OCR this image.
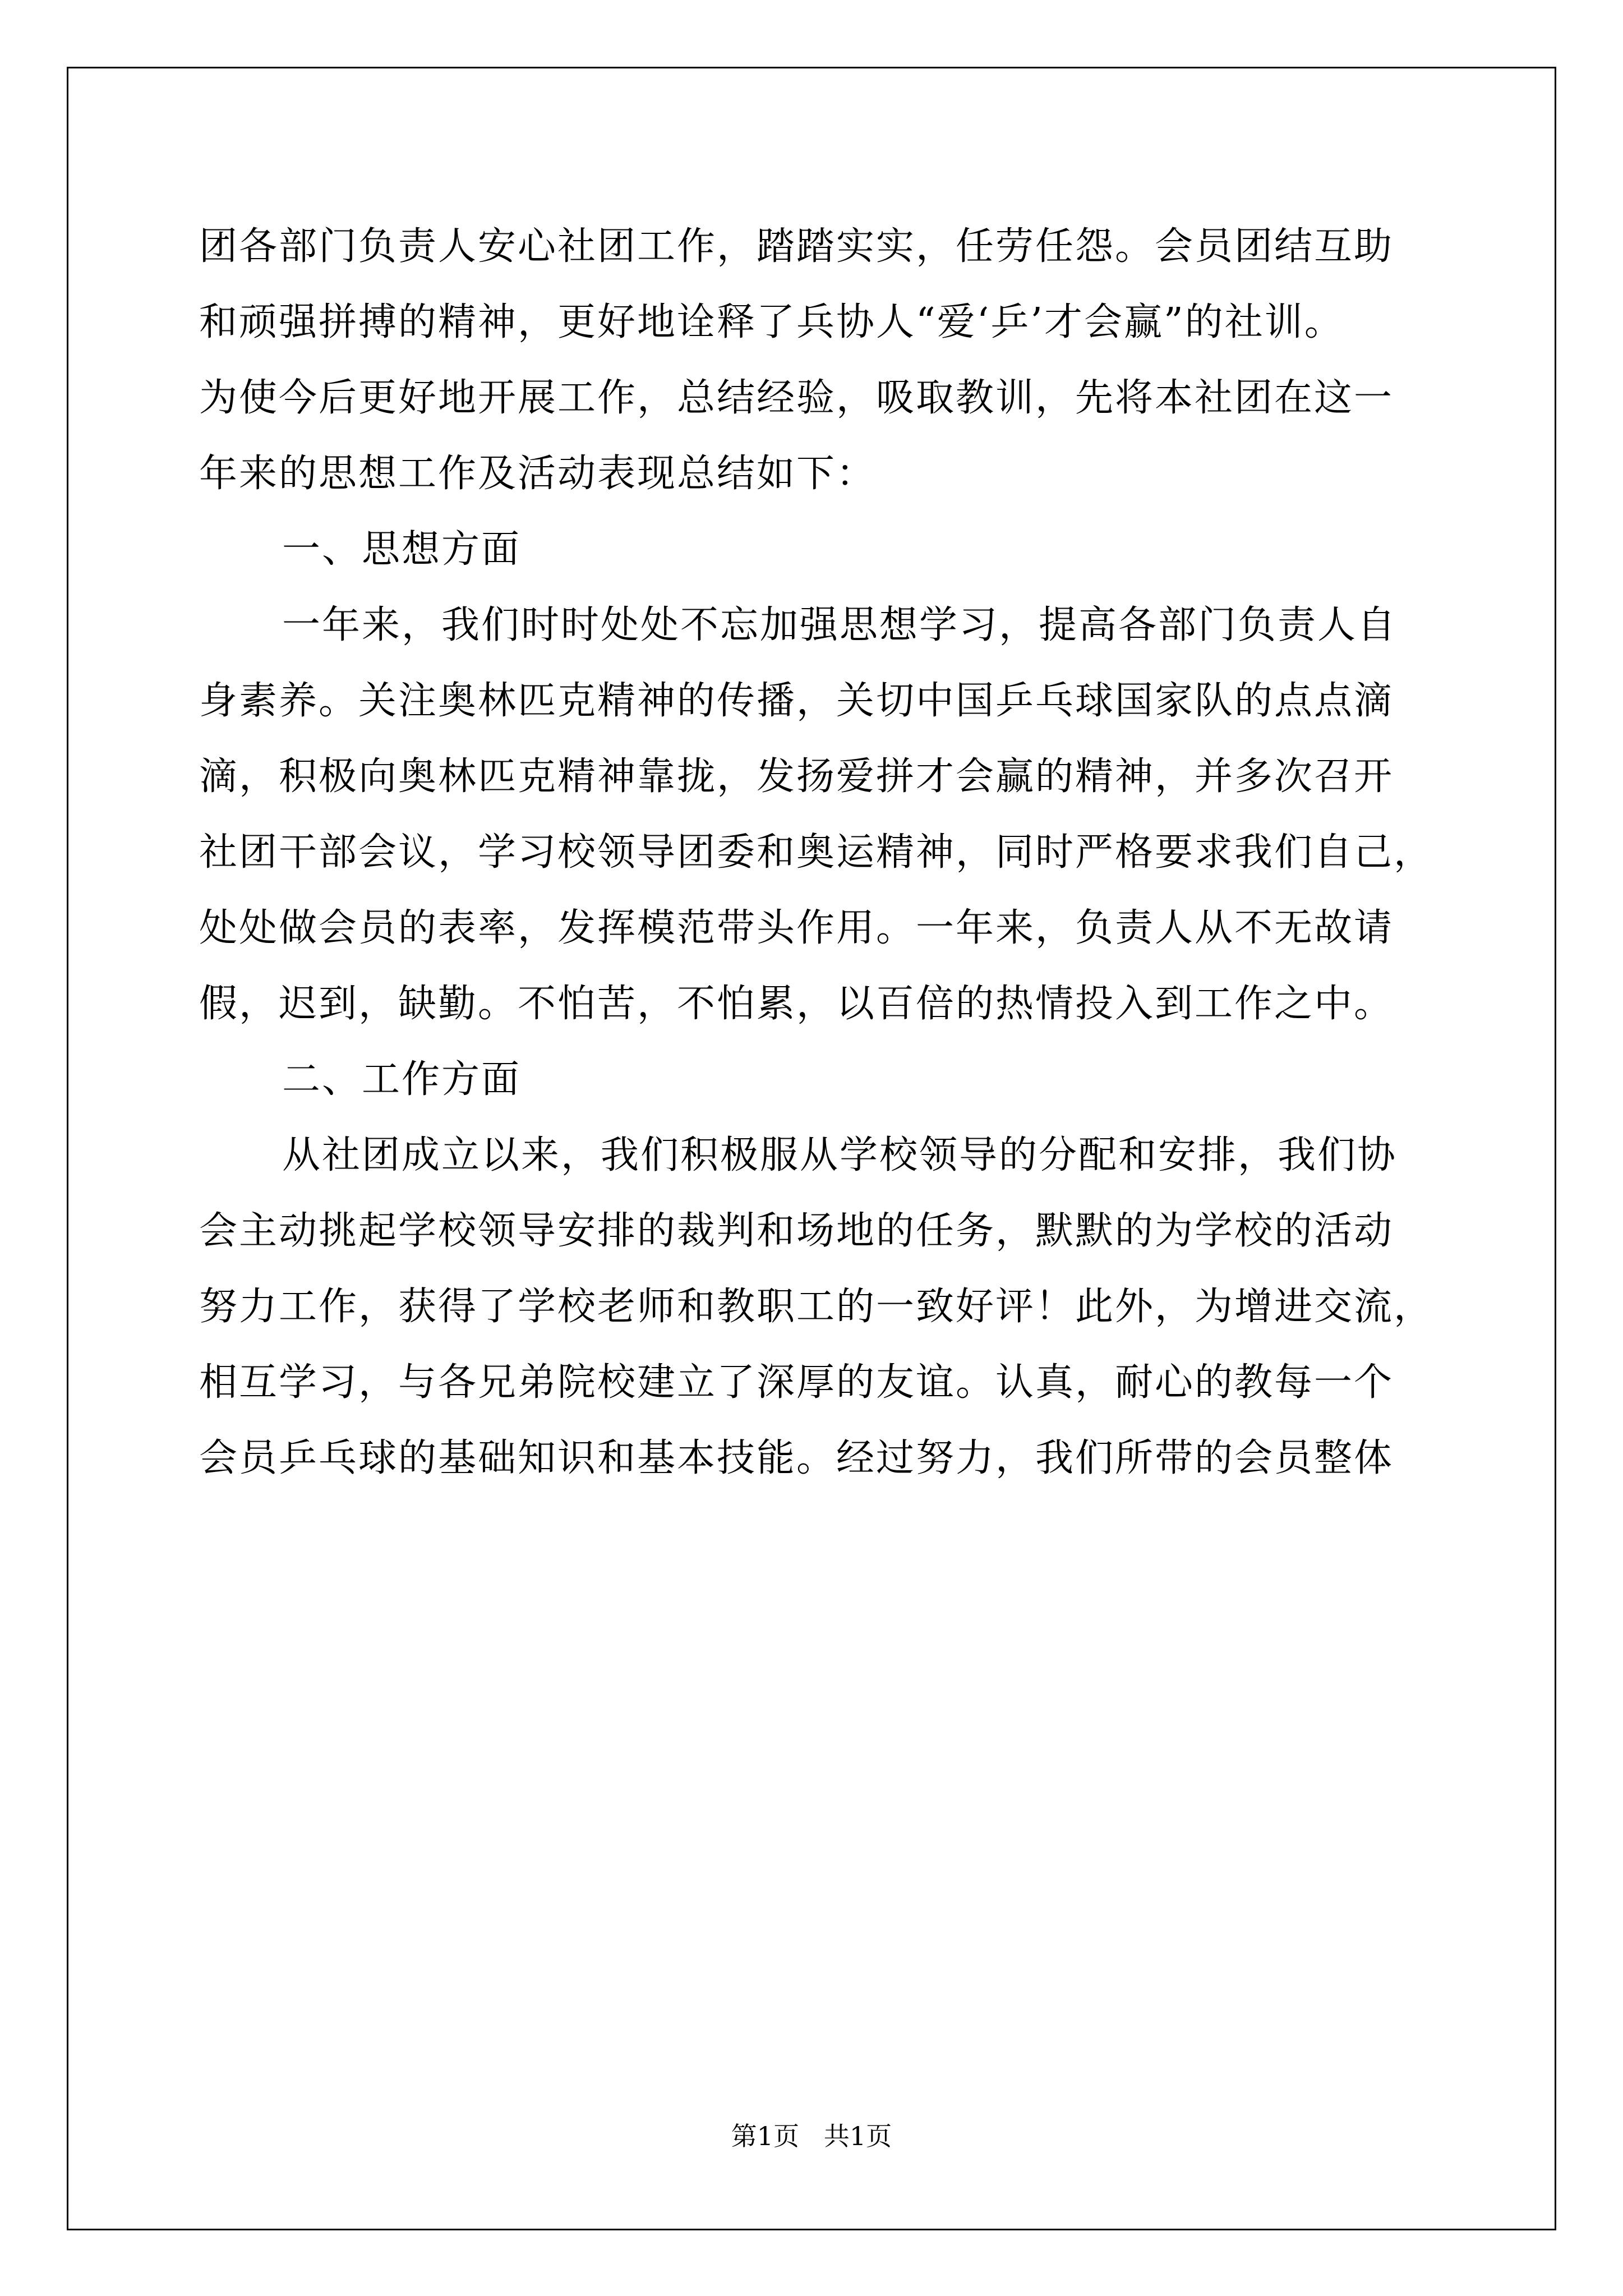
团各部门负责人安心社团工作，踏踏实实，任劳任怨。会员团结互助
和顽强拼搏的精神，更好地诠释了兵协人“爱‘乒’才会赢”的社训。
为使今后更好地开展工作，总结经验，吸取教训，先将本社团在这一
年来的思想工作及活动表现总结如下：
一、思想方面
一年来，我们时时处处不忘加强思想学习，提高各部门负责人自
身素养。关注奥林匹克精神的传播，关切中国乒乓球国家队的点点滴
滴，积极向奥林匹克精神靠拢，发扬爱拼才会赢的精神，并多次召开
社团干部会议，学习校领导团委和奥运精神，同时严格要求我们自己，
处处做会员的表率，发挥模范带头作用。一年来，负责人从不无故请
假，迟到，缺勤。不怕苦，不怕累，以百倍的热情投入到工作之中。
二、工作方面
从社团成立以来，我们积极服从学校领导的分配和安排，我们协
会主动挑起学校领导安排的裁判和场地的任务，默默的为学校的活动
努力工作，获得了学校老师和教职工的一致好评！此外，为增进交流，
相互学习，与各兄弟院校建立了深厚的友谊。认真，耐心的教每一个
会员乒乓球的基础知识和基本技能。经过努力，我们所带的会员整体
第1页   共1页
